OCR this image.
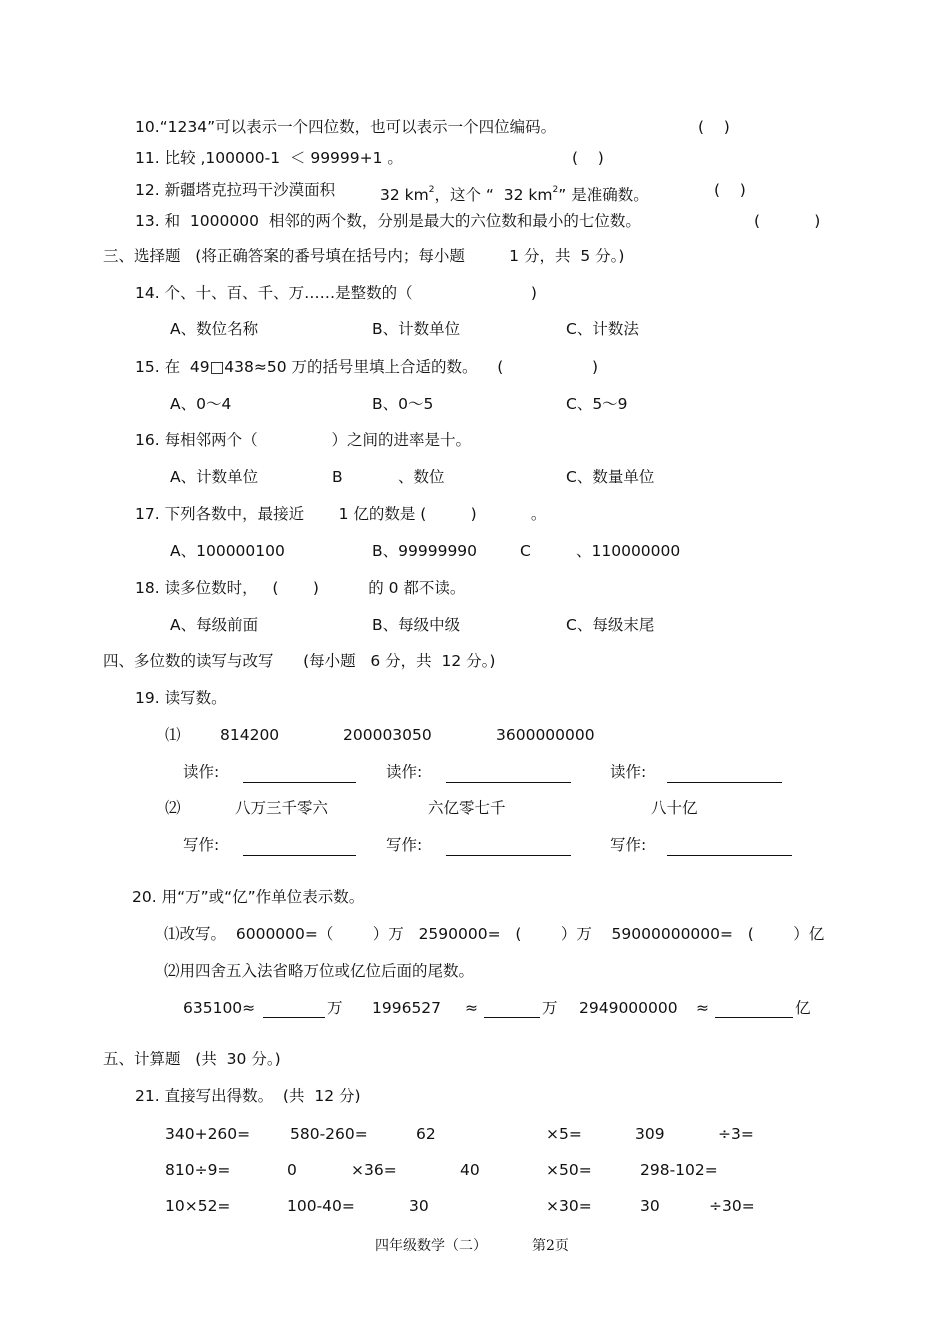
10.“1234”可以表示一个四位数，也可以表示一个四位编码。	(    )
11. 比较 ,100000-1  ＜ 99999+1 。	(    )
12. 新疆塔克拉玛干沙漠面积	32 $km^2$，这个 “  32 $km^2$” 是准确数。	(    )
13. 和  1000000  相邻的两个数，分别是最大的六位数和最小的七位数。	(           )
三、选择题   (将正确答案的番号填在括号内；每小题         1 分，共  5 分。)
14. 个、十、百、千、万……是整数的（                        )
A、数位名称	B、计数单位	C、计数法
15. 在  49□438≈50 万的括号里填上合适的数。    (                  )
A、0～4	B、0～5	C、5～9
16. 每相邻两个（               ）之间的进率是十。
A、计数单位	B	、数位	C、数量单位
17. 下列各数中，最接近       1 亿的数是 (         )           。
A、100000100	B、99999990	C	、110000000
18. 读多位数时，   (       )          的 0 都不读。
A、每级前面	B、每级中级	C、每级末尾
四、多位数的读写与改写      (每小题   6 分，共  12 分。)
19. 读写数。
⑴	814200	200003050	3600000000
读作:	读作:	读作:
⑵	八万三千零六	六亿零七千	八十亿
写作:	写作:	写作:
20. 用“万”或“亿”作单位表示数。
⑴改写。  6000000=（        ）万   2590000=   (        ）万    59000000000=   (        ）亿
⑵用四舍五入法省略万位或亿位后面的尾数。
635100≈	万 1996527 ≈	万 2949000000 ≈	亿
五、计算题   (共  30 分。)
21. 直接写出得数。  (共  12 分)
340+260=	580-260=	62	×5=	309	÷3=
810÷9=	0	×36=	40	×50=	298-102=
10×52=	100-40=	30	×30=	30	÷30=
四年级数学（二）	第2页
